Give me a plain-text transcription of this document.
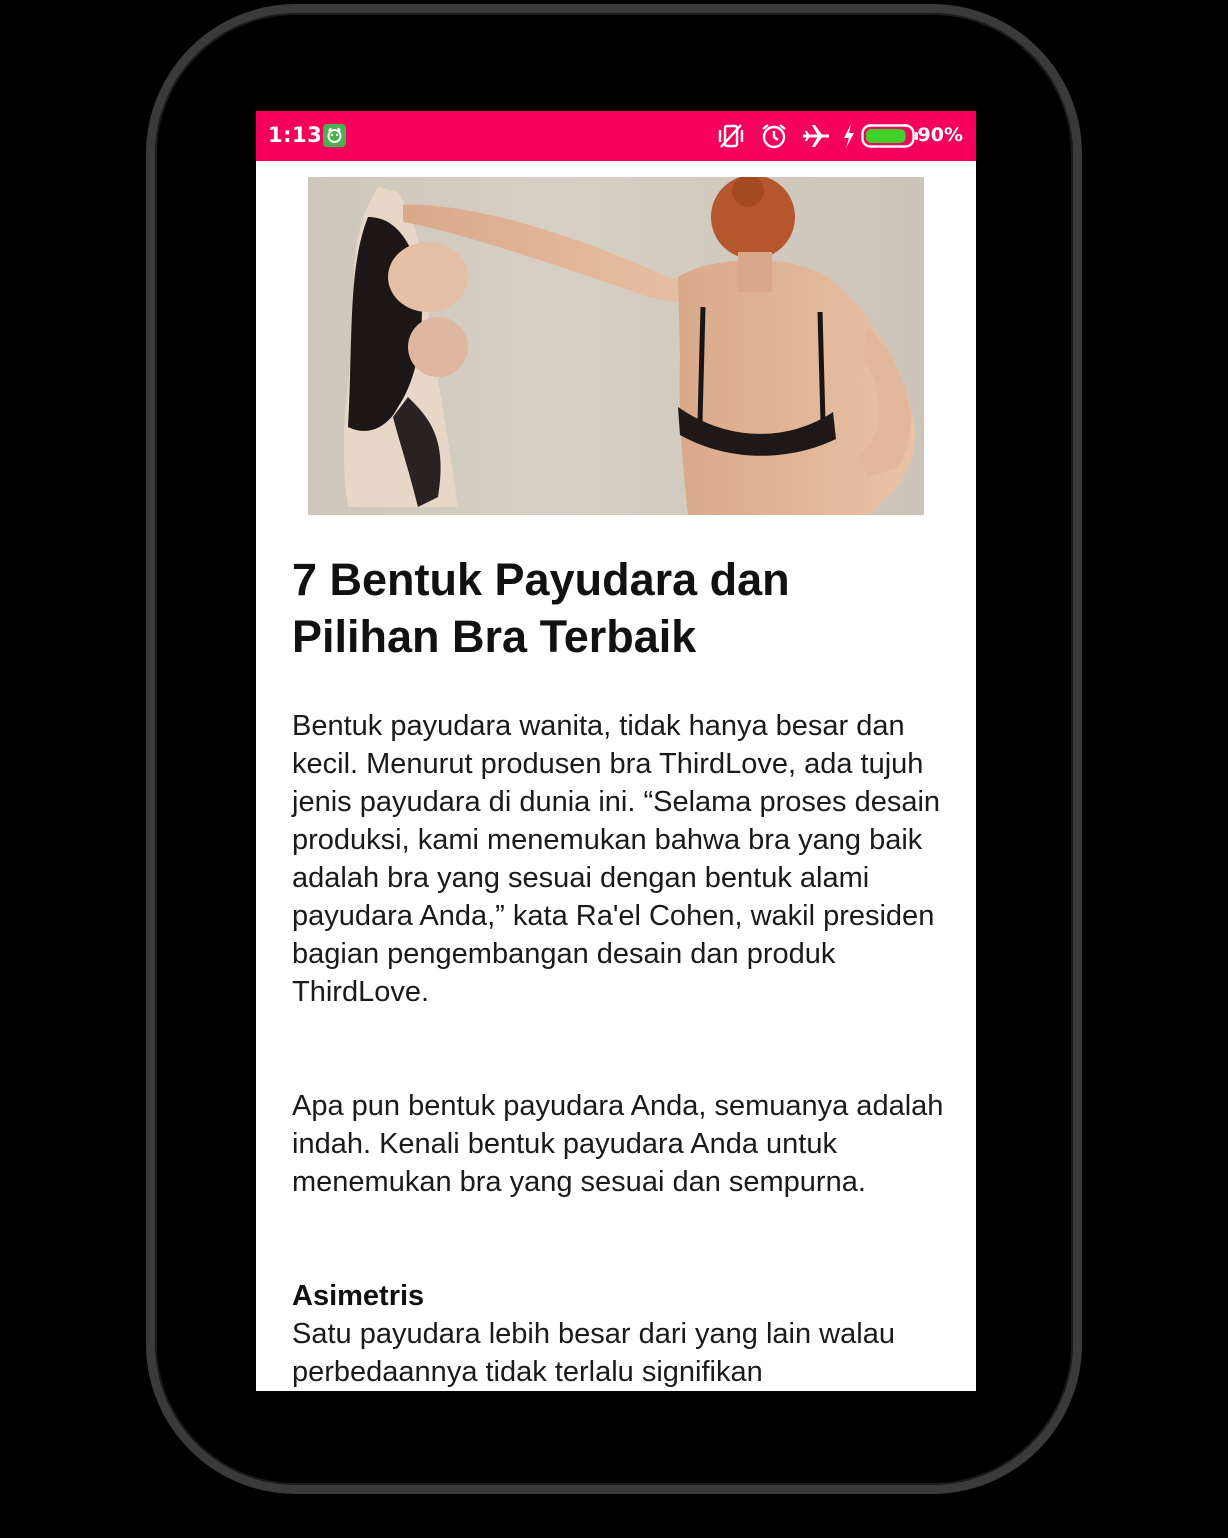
1:13	90%
7 Bentuk Payudara dan Pilihan Bra Terbaik

Bentuk payudara wanita, tidak hanya besar dan kecil. Menurut produsen bra ThirdLove, ada tujuh jenis payudara di dunia ini. “Selama proses desain produksi, kami menemukan bahwa bra yang baik adalah bra yang sesuai dengan bentuk alami payudara Anda,” kata Ra'el Cohen, wakil presiden bagian pengembangan desain dan produk ThirdLove.

Apa pun bentuk payudara Anda, semuanya adalah indah. Kenali bentuk payudara Anda untuk menemukan bra yang sesuai dan sempurna.

Asimetris

Satu payudara lebih besar dari yang lain walau perbedaannya tidak terlalu signifikan
